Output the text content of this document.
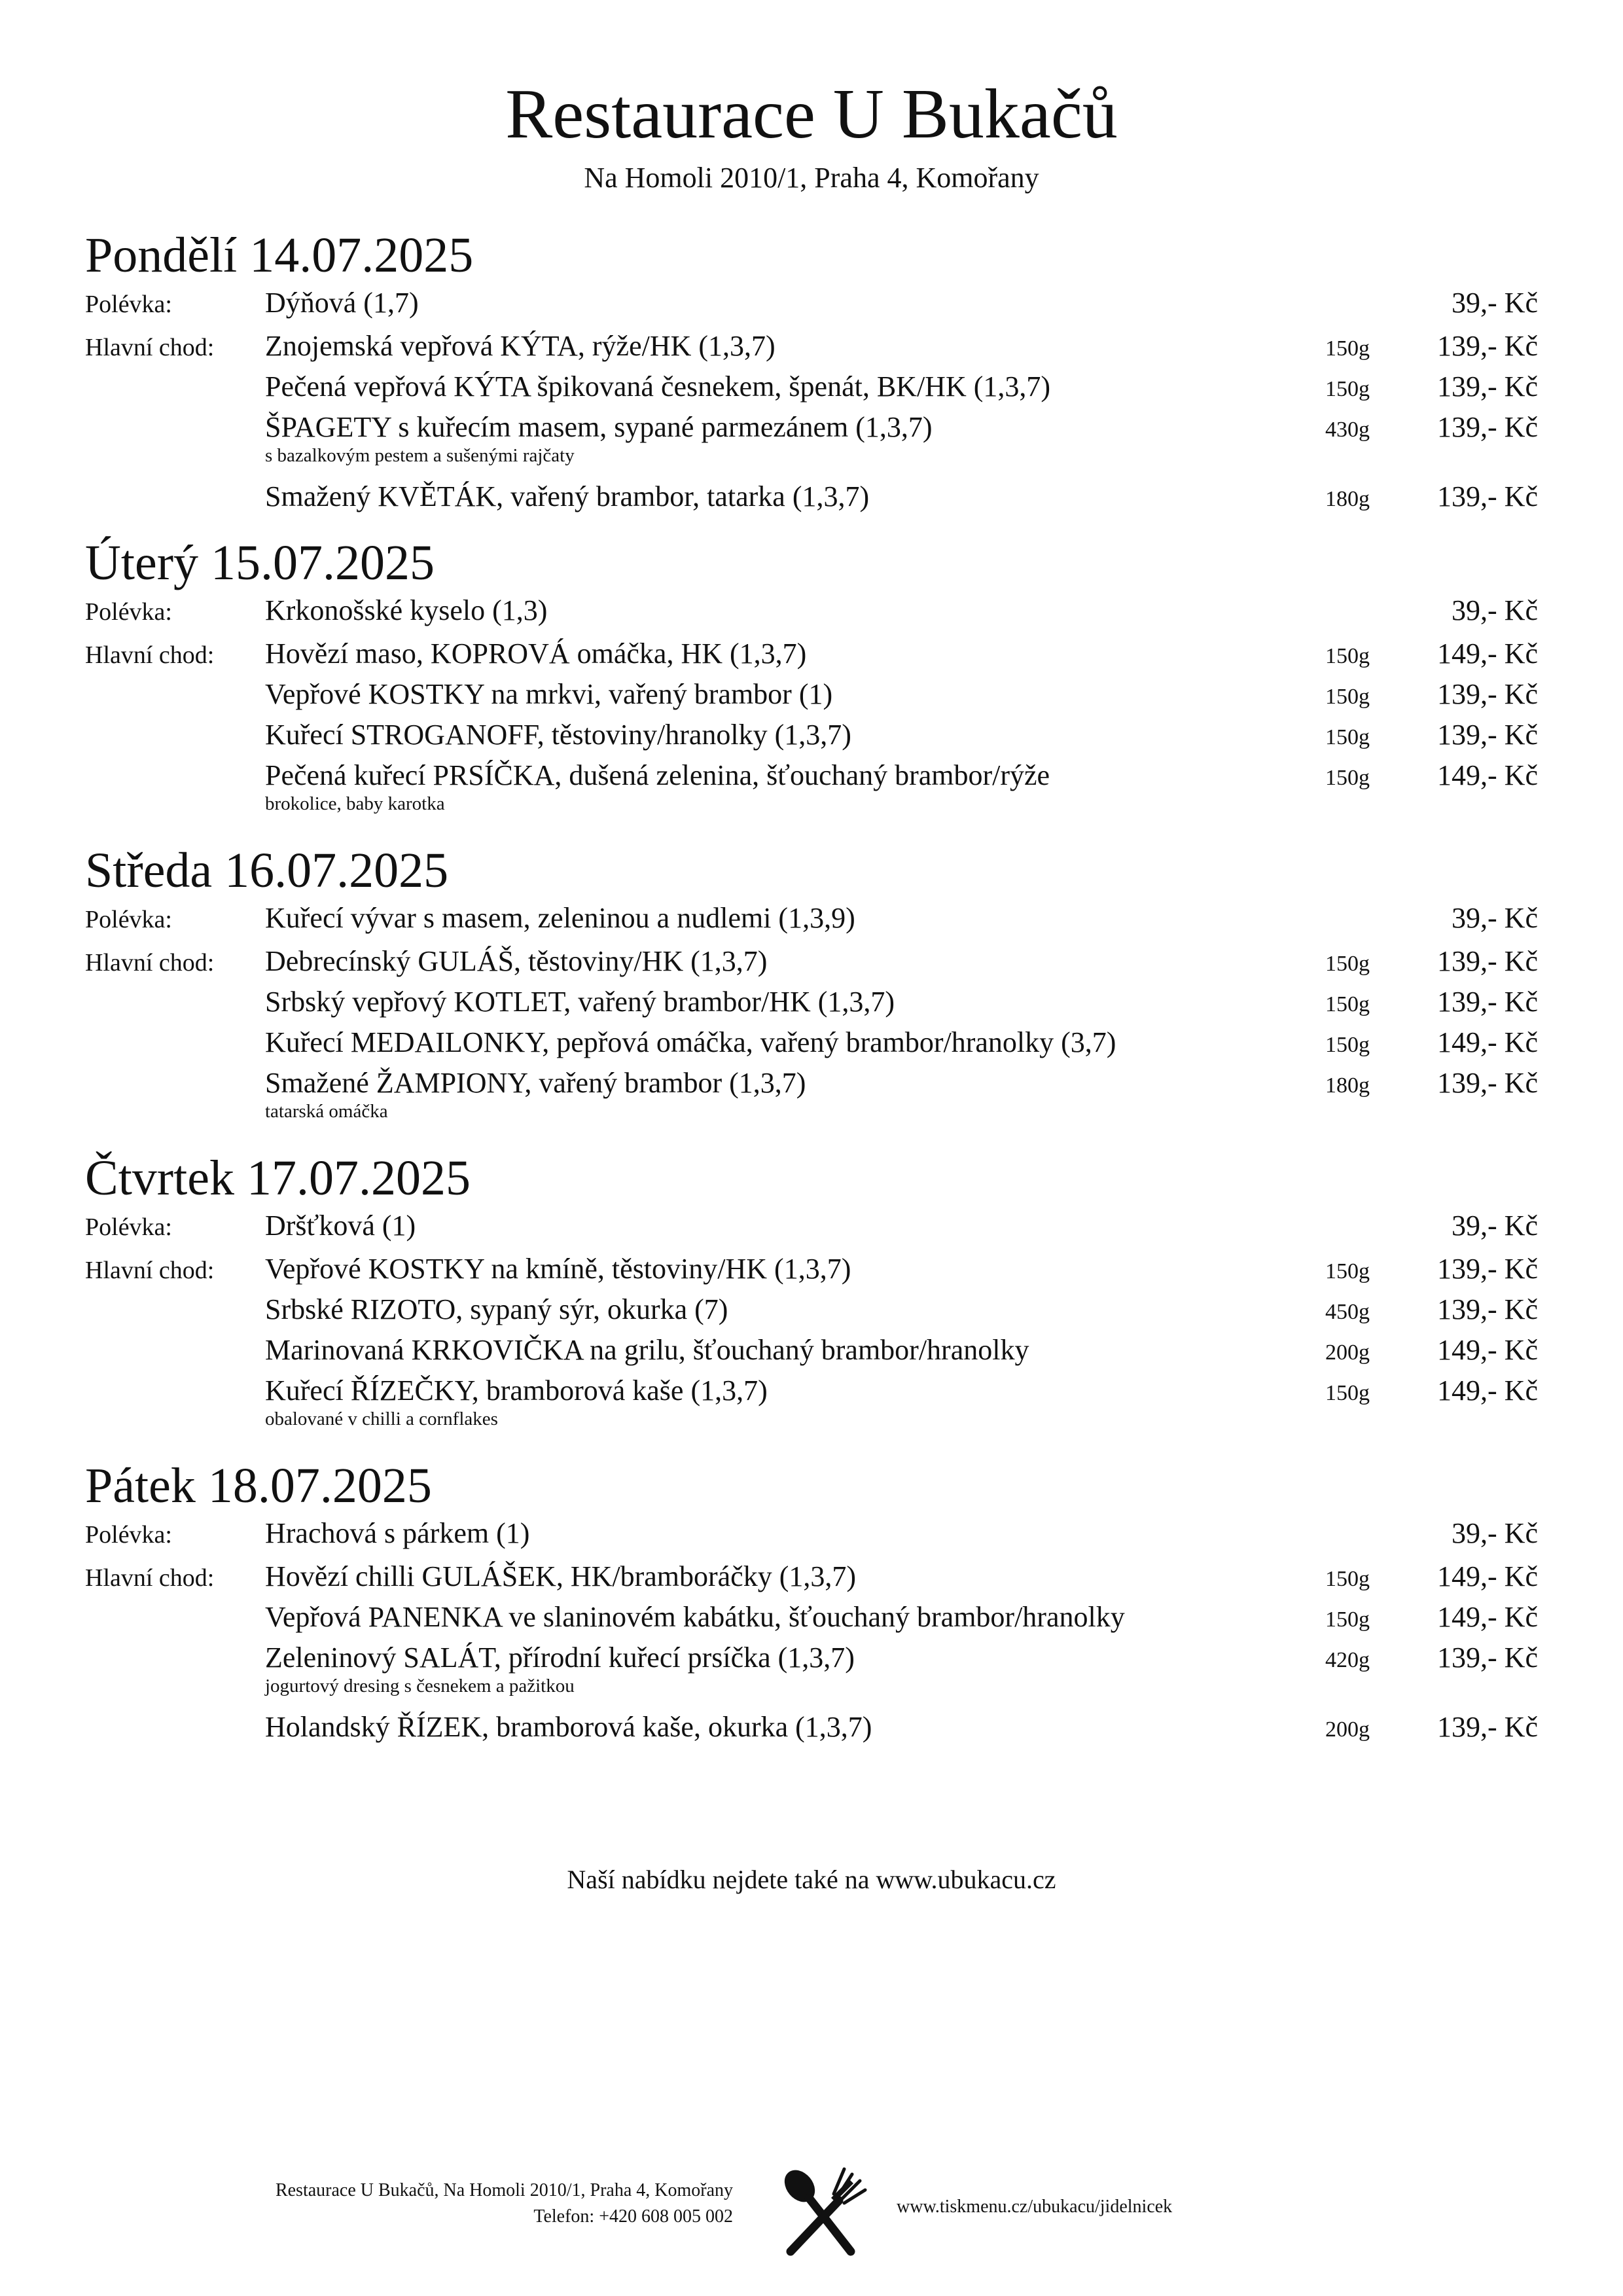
Restaurace U Bukačů
Na Homoli 2010/1, Praha 4, Komořany
Pondělí 14.07.2025
Polévka:	Dýňová (1,7)	39,- Kč
Hlavní chod:	Znojemská vepřová KÝTA, rýže/HK (1,3,7)	150g	139,- Kč
Pečená vepřová KÝTA špikovaná česnekem, špenát, BK/HK (1,3,7)	150g	139,- Kč
ŠPAGETY s kuřecím masem, sypané parmezánem (1,3,7)	430g	139,- Kč
s bazalkovým pestem a sušenými rajčaty
Smažený KVĚTÁK, vařený brambor, tatarka (1,3,7)	180g	139,- Kč
Úterý 15.07.2025
Polévka:	Krkonošské kyselo (1,3)	39,- Kč
Hlavní chod:	Hovězí maso, KOPROVÁ omáčka, HK (1,3,7)	150g	149,- Kč
Vepřové KOSTKY na mrkvi, vařený brambor (1)	150g	139,- Kč
Kuřecí STROGANOFF, těstoviny/hranolky (1,3,7)	150g	139,- Kč
Pečená kuřecí PRSÍČKA, dušená zelenina, šťouchaný brambor/rýže	150g	149,- Kč
brokolice, baby karotka
Středa 16.07.2025
Polévka:	Kuřecí vývar s masem, zeleninou a nudlemi (1,3,9)	39,- Kč
Hlavní chod:	Debrecínský GULÁŠ, těstoviny/HK (1,3,7)	150g	139,- Kč
Srbský vepřový KOTLET, vařený brambor/HK (1,3,7)	150g	139,- Kč
Kuřecí MEDAILONKY, pepřová omáčka, vařený brambor/hranolky (3,7)	150g	149,- Kč
Smažené ŽAMPIONY, vařený brambor (1,3,7)	180g	139,- Kč
tatarská omáčka
Čtvrtek 17.07.2025
Polévka:	Dršťková (1)	39,- Kč
Hlavní chod:	Vepřové KOSTKY na kmíně, těstoviny/HK (1,3,7)	150g	139,- Kč
Srbské RIZOTO, sypaný sýr, okurka (7)	450g	139,- Kč
Marinovaná KRKOVIČKA na grilu, šťouchaný brambor/hranolky	200g	149,- Kč
Kuřecí ŘÍZEČKY, bramborová kaše (1,3,7)	150g	149,- Kč
obalované v chilli a cornflakes
Pátek 18.07.2025
Polévka:	Hrachová s párkem (1)	39,- Kč
Hlavní chod:	Hovězí chilli GULÁŠEK, HK/bramboráčky (1,3,7)	150g	149,- Kč
Vepřová PANENKA ve slaninovém kabátku, šťouchaný brambor/hranolky	150g	149,- Kč
Zeleninový SALÁT, přírodní kuřecí prsíčka (1,3,7)	420g	139,- Kč
jogurtový dresing s česnekem a pažitkou
Holandský ŘÍZEK, bramborová kaše, okurka (1,3,7)	200g	139,- Kč
Naší nabídku nejdete také na www.ubukacu.cz
Restaurace U Bukačů, Na Homoli 2010/1, Praha 4, Komořany
Telefon: +420 608 005 002	www.tiskmenu.cz/ubukacu/jidelnicek
